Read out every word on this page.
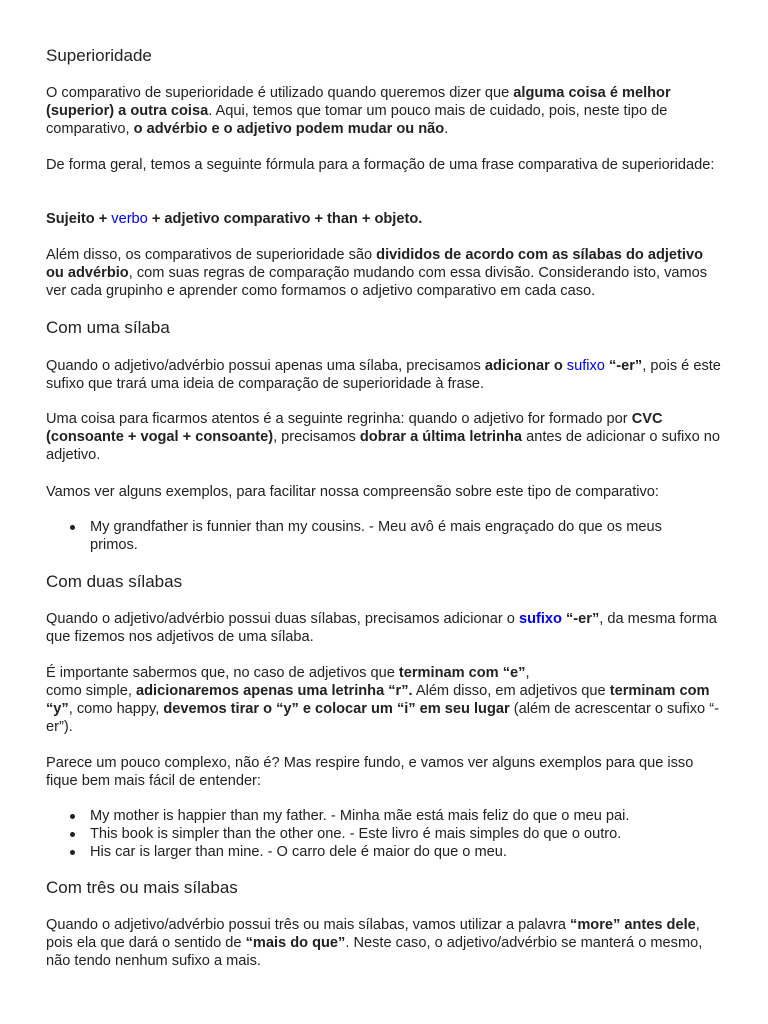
Superioridade

O comparativo de superioridade é utilizado quando queremos dizer que alguma coisa é melhor (superior) a outra coisa. Aqui, temos que tomar um pouco mais de cuidado, pois, neste tipo de comparativo, o advérbio e o adjetivo podem mudar ou não.

De forma geral, temos a seguinte fórmula para a formação de uma frase comparativa de superioridade:

Sujeito + verbo + adjetivo comparativo + than + objeto.

Além disso, os comparativos de superioridade são divididos de acordo com as sílabas do adjetivo ou advérbio, com suas regras de comparação mudando com essa divisão. Considerando isto, vamos ver cada grupinho e aprender como formamos o adjetivo comparativo em cada caso.

Com uma sílaba

Quando o adjetivo/advérbio possui apenas uma sílaba, precisamos adicionar o sufixo “-er”, pois é este sufixo que trará uma ideia de comparação de superioridade à frase.

Uma coisa para ficarmos atentos é a seguinte regrinha: quando o adjetivo for formado por CVC (consoante + vogal + consoante), precisamos dobrar a última letrinha antes de adicionar o sufixo no adjetivo.

Vamos ver alguns exemplos, para facilitar nossa compreensão sobre este tipo de comparativo:

My grandfather is funnier than my cousins. - Meu avô é mais engraçado do que os meus primos.
Com duas sílabas

Quando o adjetivo/advérbio possui duas sílabas, precisamos adicionar o sufixo “-er”, da mesma forma que fizemos nos adjetivos de uma sílaba.

É importante sabermos que, no caso de adjetivos que terminam com “e”,
como simple, adicionaremos apenas uma letrinha “r”. Além disso, em adjetivos que terminam com “y”, como happy, devemos tirar o “y” e colocar um “i” em seu lugar (além de acrescentar o sufixo “-er”).

Parece um pouco complexo, não é? Mas respire fundo, e vamos ver alguns exemplos para que isso fique bem mais fácil de entender:

My mother is happier than my father. - Minha mãe está mais feliz do que o meu pai.
This book is simpler than the other one. - Este livro é mais simples do que o outro.
His car is larger than mine. - O carro dele é maior do que o meu.
Com três ou mais sílabas

Quando o adjetivo/advérbio possui três ou mais sílabas, vamos utilizar a palavra “more” antes dele, pois ela que dará o sentido de “mais do que”. Neste caso, o adjetivo/advérbio se manterá o mesmo, não tendo nenhum sufixo a mais.
